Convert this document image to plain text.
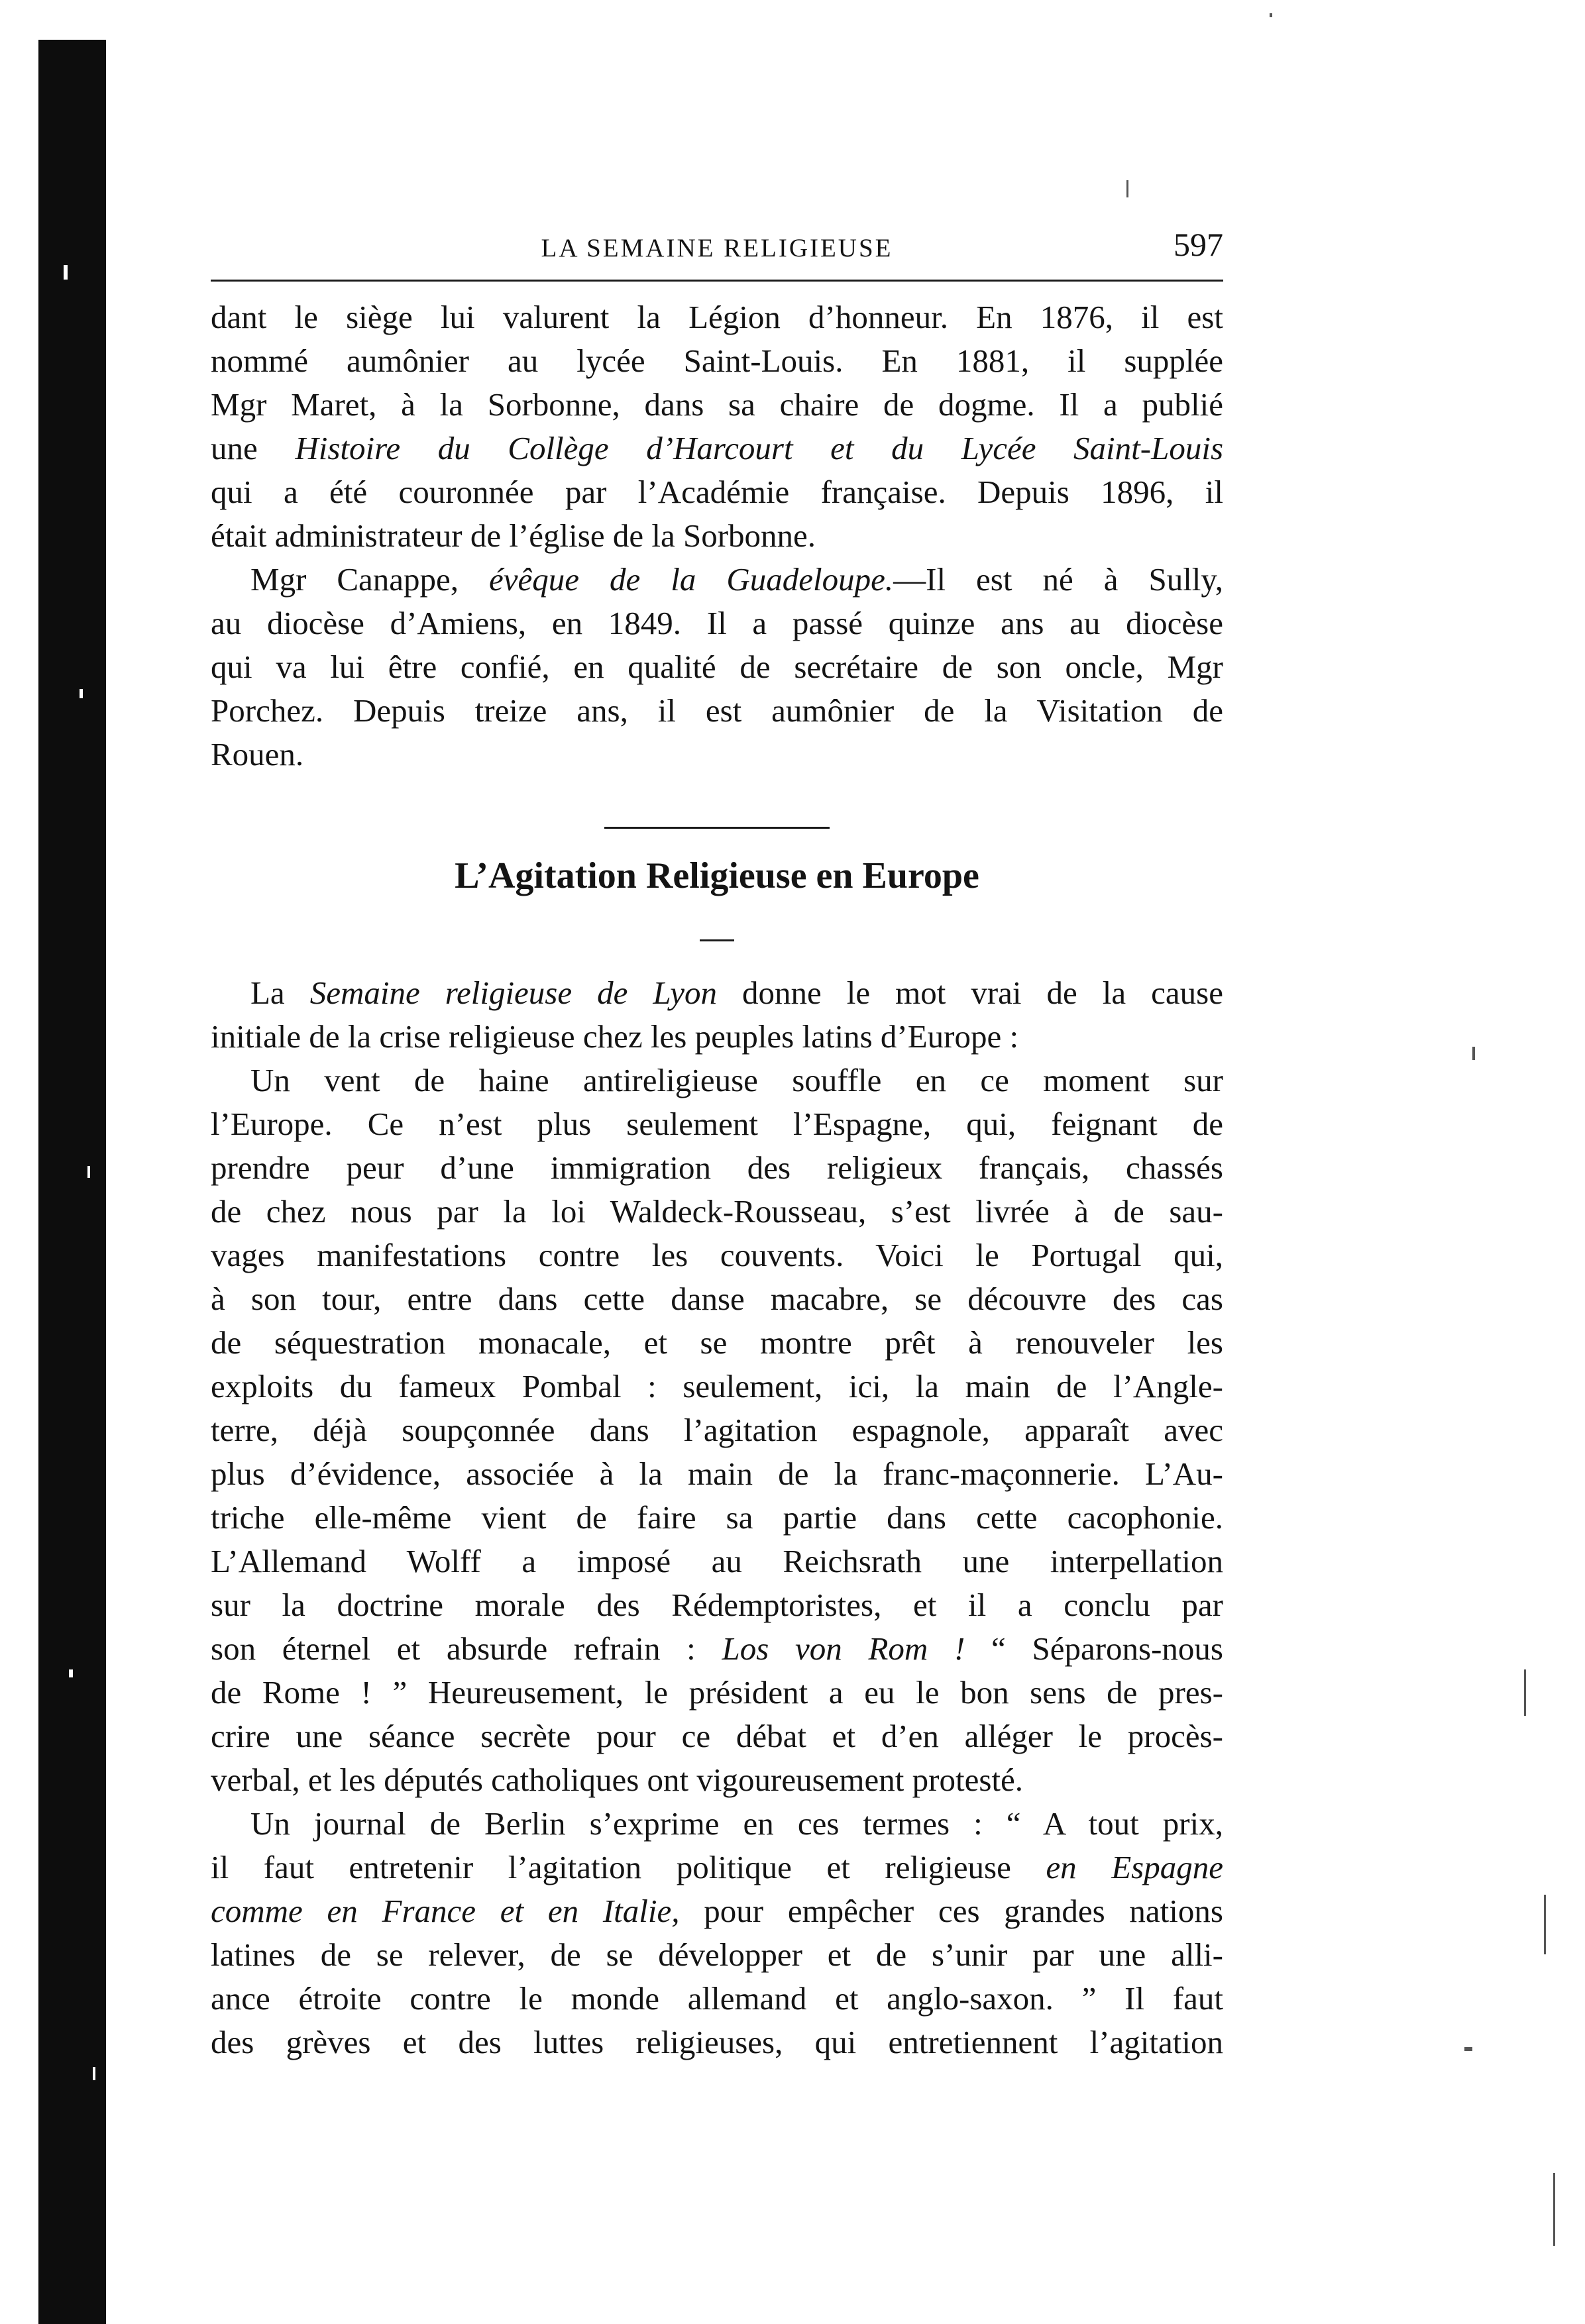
LA SEMAINE RELIGIEUSE	597
dant le siège lui valurent la Légion d’honneur. En 1876, il est
nommé aumônier au lycée Saint-Louis. En 1881, il supplée
Mgr Maret, à la Sorbonne, dans sa chaire de dogme. Il a publié
une Histoire du Collège d’Harcourt et du Lycée Saint-Louis
qui a été couronnée par l’Académie française. Depuis 1896, il
était administrateur de l’église de la Sorbonne.
Mgr Canappe, évêque de la Guadeloupe.—Il est né à Sully,
au diocèse d’Amiens, en 1849. Il a passé quinze ans au diocèse
qui va lui être confié, en qualité de secrétaire de son oncle, Mgr
Porchez. Depuis treize ans, il est aumônier de la Visitation de
Rouen.
L’Agitation Religieuse en Europe
La Semaine religieuse de Lyon donne le mot vrai de la cause
initiale de la crise religieuse chez les peuples latins d’Europe :
Un vent de haine antireligieuse souffle en ce moment sur
l’Europe. Ce n’est plus seulement l’Espagne, qui, feignant de
prendre peur d’une immigration des religieux français, chassés
de chez nous par la loi Waldeck-Rousseau, s’est livrée à de sau-
vages manifestations contre les couvents. Voici le Portugal qui,
à son tour, entre dans cette danse macabre, se découvre des cas
de séquestration monacale, et se montre prêt à renouveler les
exploits du fameux Pombal : seulement, ici, la main de l’Angle-
terre, déjà soupçonnée dans l’agitation espagnole, apparaît avec
plus d’évidence, associée à la main de la franc-maçonnerie. L’Au-
triche elle-même vient de faire sa partie dans cette cacophonie.
L’Allemand Wolff a imposé au Reichsrath une interpellation
sur la doctrine morale des Rédemptoristes, et il a conclu par
son éternel et absurde refrain : Los von Rom ! “ Séparons-nous
de Rome ! ” Heureusement, le président a eu le bon sens de pres-
crire une séance secrète pour ce débat et d’en alléger le procès-
verbal, et les députés catholiques ont vigoureusement protesté.
Un journal de Berlin s’exprime en ces termes : “ A tout prix,
il faut entretenir l’agitation politique et religieuse en Espagne
comme en France et en Italie, pour empêcher ces grandes nations
latines de se relever, de se développer et de s’unir par une alli-
ance étroite contre le monde allemand et anglo-saxon. ” Il faut
des grèves et des luttes religieuses, qui entretiennent l’agitation
